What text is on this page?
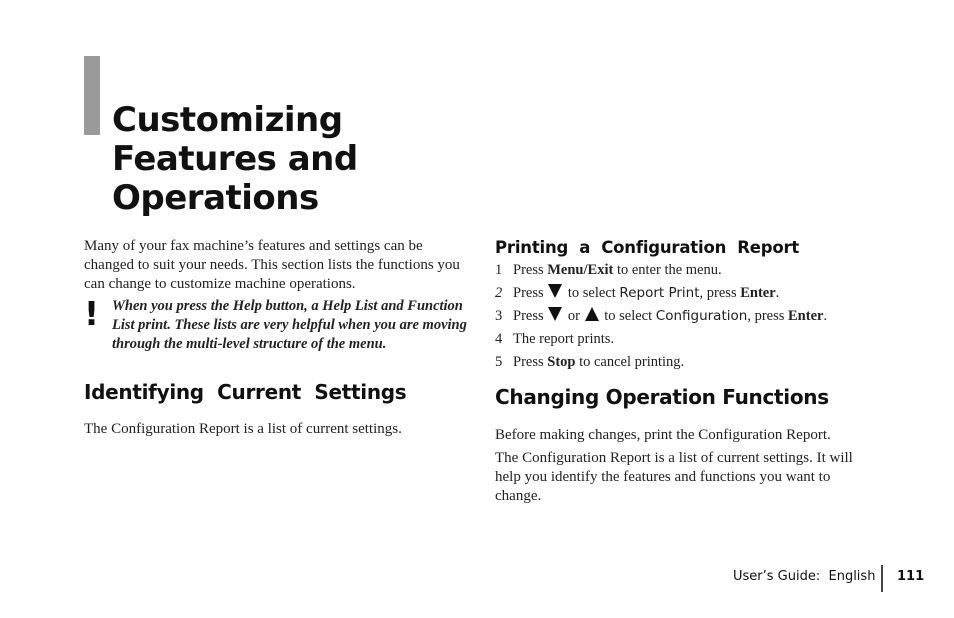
Customizing
Features and
Operations

Many of your fax machine’s features and settings can be changed to suit your needs. This section lists the functions you can change to customize machine operations.

! When you press the Help button, a Help List and Function List print. These lists are very helpful when you are moving through the multi-level structure of the menu.

Identifying  Current  Settings

The Configuration Report is a list of current settings.

Printing  a  Configuration  Report
1 Press Menu/Exit to enter the menu.
2 Press  to select Report Print, press Enter.
3 Press  or  to select Configuration, press Enter.
4 The report prints.
5 Press Stop to cancel printing.
Changing Operation Functions

Before making changes, print the Configuration Report.

The Configuration Report is a list of current settings. It will help you identify the features and functions you want to change.

User’s Guide:  English 111
